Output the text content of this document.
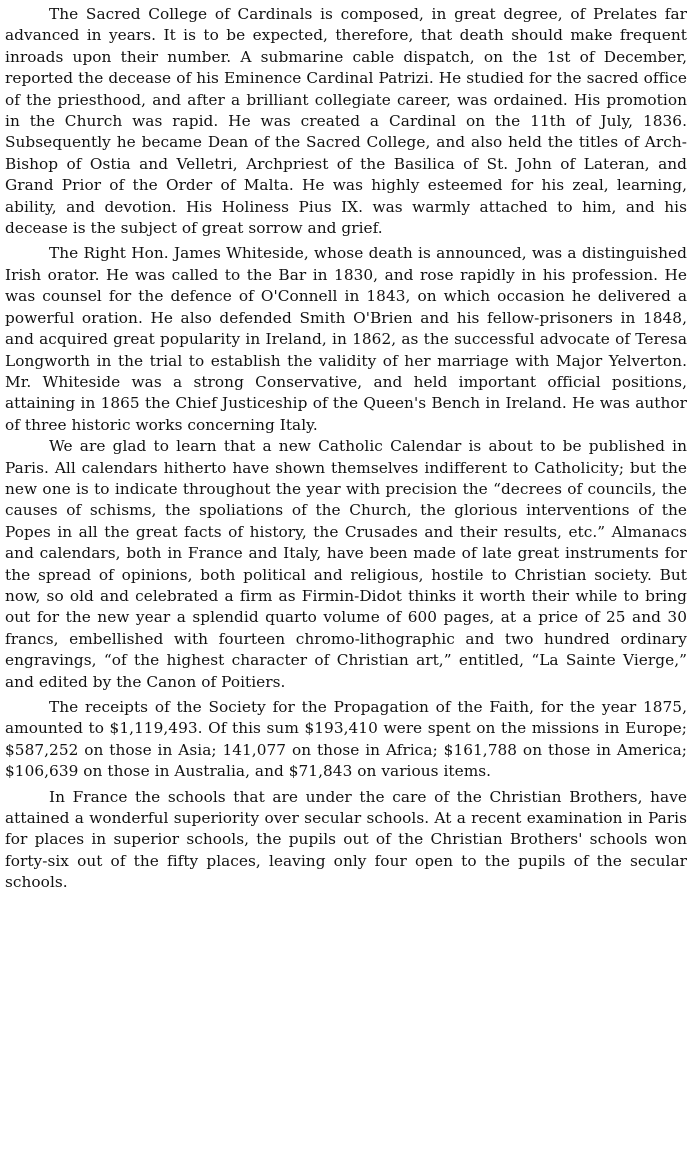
The Sacred College of Cardinals is composed, in great degree, of Prelates far advanced in years. It is to be expected, therefore, that death should make frequent inroads upon their number. A submarine cable dispatch, on the 1st of December, reported the decease of his Eminence Cardinal Patrizi. He studied for the sacred office of the priesthood, and after a brilliant collegiate career, was ordained. His promotion in the Church was rapid. He was created a Cardinal on the 11th of July, 1836. Subsequently he became Dean of the Sacred College, and also held the titles of Arch-Bishop of Ostia and Velletri, Archpriest of the Basilica of St. John of Lateran, and Grand Prior of the Order of Malta. He was highly esteemed for his zeal, learning, ability, and devotion. His Holiness Pius IX. was warmly attached to him, and his decease is the subject of great sorrow and grief.

The Right Hon. James Whiteside, whose death is announced, was a distinguished Irish orator. He was called to the Bar in 1830, and rose rapidly in his profession. He was counsel for the defence of O'Connell in 1843, on which occasion he delivered a powerful oration. He also defended Smith O'Brien and his fellow-prisoners in 1848, and acquired great popularity in Ireland, in 1862, as the successful advocate of Teresa Longworth in the trial to establish the validity of her marriage with Major Yelverton. Mr. Whiteside was a strong Conservative, and held important official positions, attaining in 1865 the Chief Justiceship of the Queen's Bench in Ireland. He was author of three historic works concerning Italy.

We are glad to learn that a new Catholic Calendar is about to be published in Paris. All calendars hitherto have shown themselves indifferent to Catholicity; but the new one is to indicate throughout the year with precision the “decrees of councils, the causes of schisms, the spoliations of the Church, the glorious interventions of the Popes in all the great facts of history, the Crusades and their results, etc.” Almanacs and calendars, both in France and Italy, have been made of late great instruments for the spread of opinions, both political and religious, hostile to Christian society. But now, so old and celebrated a firm as Firmin-Didot thinks it worth their while to bring out for the new year a splendid quarto volume of 600 pages, at a price of 25 and 30 francs, embellished with fourteen chromo-lithographic and two hundred ordinary engravings, “of the highest character of Christian art,” entitled, “La Sainte Vierge,” and edited by the Canon of Poitiers.

The receipts of the Society for the Propagation of the Faith, for the year 1875, amounted to $1,119,493. Of this sum $193,410 were spent on the missions in Europe; $587,252 on those in Asia; 141,077 on those in Africa; $161,788 on those in America; $106,639 on those in Australia, and $71,843 on various items.

In France the schools that are under the care of the Christian Brothers, have attained a wonderful superiority over secular schools. At a recent examination in Paris for places in superior schools, the pupils out of the Christian Brothers' schools won forty-six out of the fifty places, leaving only four open to the pupils of the secular schools.
